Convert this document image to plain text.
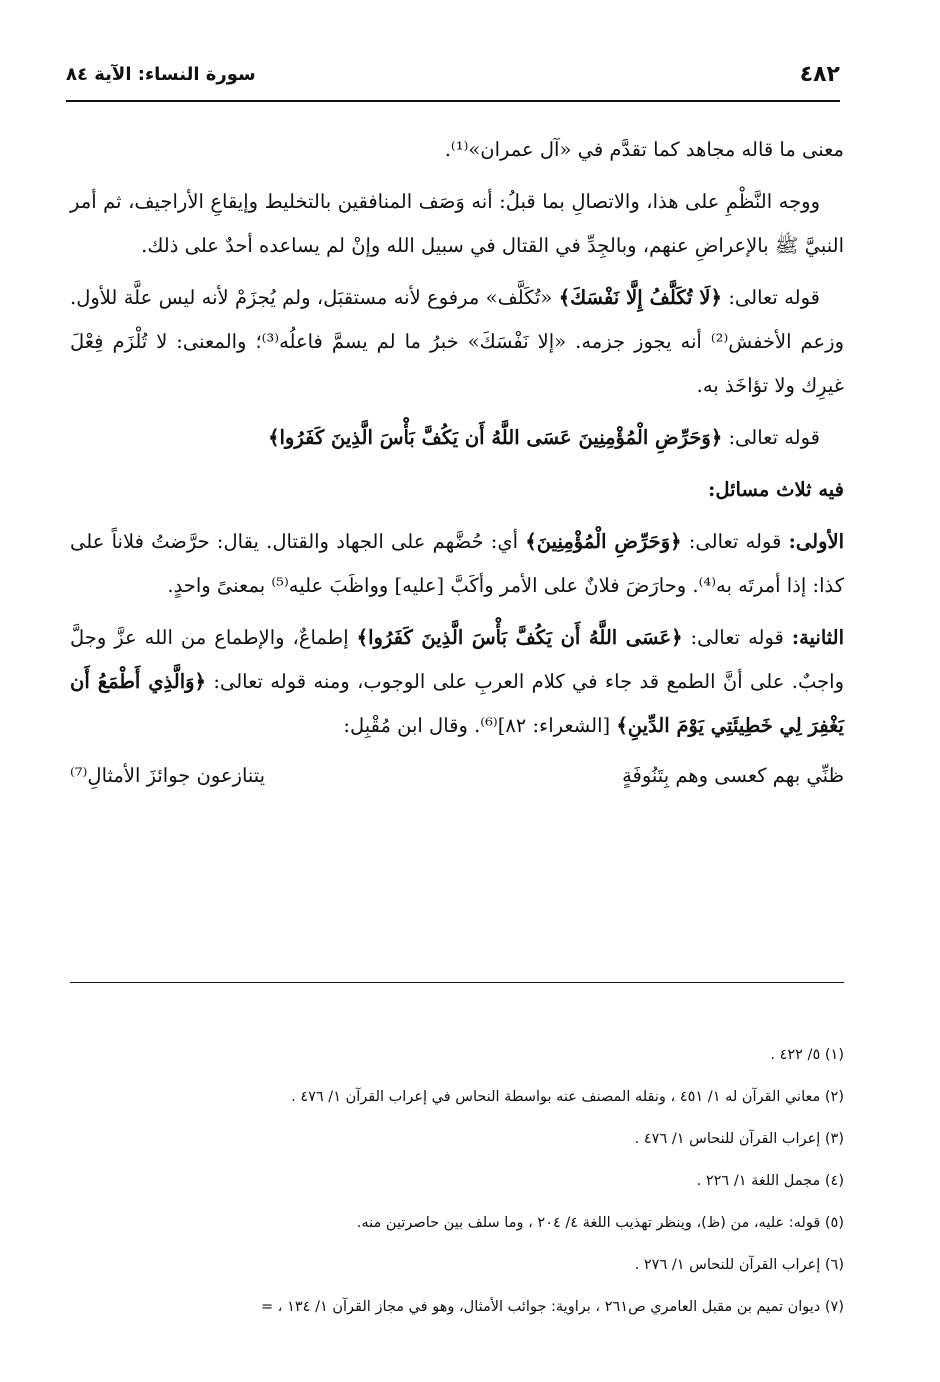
٤٨٢
سورة النساء: الآية ٨٤

معنى ما قاله مجاهد كما تقدَّم في «آل عمران»⁽¹⁾.

ووجه النَّظْمِ على هذا، والاتصالِ بما قبلُ: أنه وَصَف المنافقين بالتخليط وإيقاعِ الأراجيف، ثم أمر النبيَّ ﷺ بالإعراضِ عنهم، وبالجِدِّ في القتال في سبيل الله وإنْ لم يساعده أحدٌ على ذلك.

قوله تعالى: ﴿لَا تُكَلَّفُ إِلَّا نَفْسَكَ﴾ «تُكَلَّف» مرفوع لأنه مستقبَل، ولم يُجزَمْ لأنه ليس علَّة للأول. وزعم الأخفش⁽²⁾ أنه يجوز جزمه. «إلا نَفْسَكَ» خبرُ ما لم يسمَّ فاعلُه⁽³⁾؛ والمعنى: لا تُلْزَم فِعْلَ غيرِك ولا تؤاخَذ به.

قوله تعالى: ﴿وَحَرِّضِ الْمُؤْمِنِينَ عَسَى اللَّهُ أَن يَكُفَّ بَأْسَ الَّذِينَ كَفَرُوا﴾

فيه ثلاث مسائل:

الأولى: قوله تعالى: ﴿وَحَرِّضِ الْمُؤْمِنِينَ﴾ أي: حُضَّهم على الجهاد والقتال. يقال: حرَّضتُ فلاناً على كذا: إذا أمرتَه به⁽⁴⁾. وحارَضَ فلانٌ على الأمر وأكَبَّ [عليه] وواظَبَ عليه⁽⁵⁾ بمعنىً واحدٍ.

الثانية: قوله تعالى: ﴿عَسَى اللَّهُ أَن يَكُفَّ بَأْسَ الَّذِينَ كَفَرُوا﴾ إطماعٌ، والإطماع من الله عزَّ وجلَّ واجبٌ. على أنَّ الطمع قد جاء في كلام العربِ على الوجوب، ومنه قوله تعالى: ﴿وَالَّذِي أَطْمَعُ أَن يَغْفِرَ لِي خَطِيئَتِي يَوْمَ الدِّينِ﴾ [الشعراء: ٨٢]⁽⁶⁾. وقال ابن مُقْبِل:

ظنِّي بهم كعسى وهم بِتَنُوفَةٍ
يتنازعون جوائزَ الأمثالِ⁽⁷⁾

(١) ٥/ ٤٢٢ .

(٢) معاني القرآن له ١/ ٤٥١ ، ونقله المصنف عنه بواسطة النحاس في إعراب القرآن ١/ ٤٧٦ .

(٣) إعراب القرآن للنحاس ١/ ٤٧٦ .

(٤) مجمل اللغة ١/ ٢٢٦ .

(٥) قوله: عليه، من (ظ)، وينظر تهذيب اللغة ٤/ ٢٠٤ ، وما سلف بين حاصرتين منه.

(٦) إعراب القرآن للنحاس ١/ ٢٧٦ .

(٧) ديوان تميم بن مقبل العامري ص٢٦١ ، براوية: جوائب الأمثال، وهو في مجاز القرآن ١/ ١٣٤ ، =
